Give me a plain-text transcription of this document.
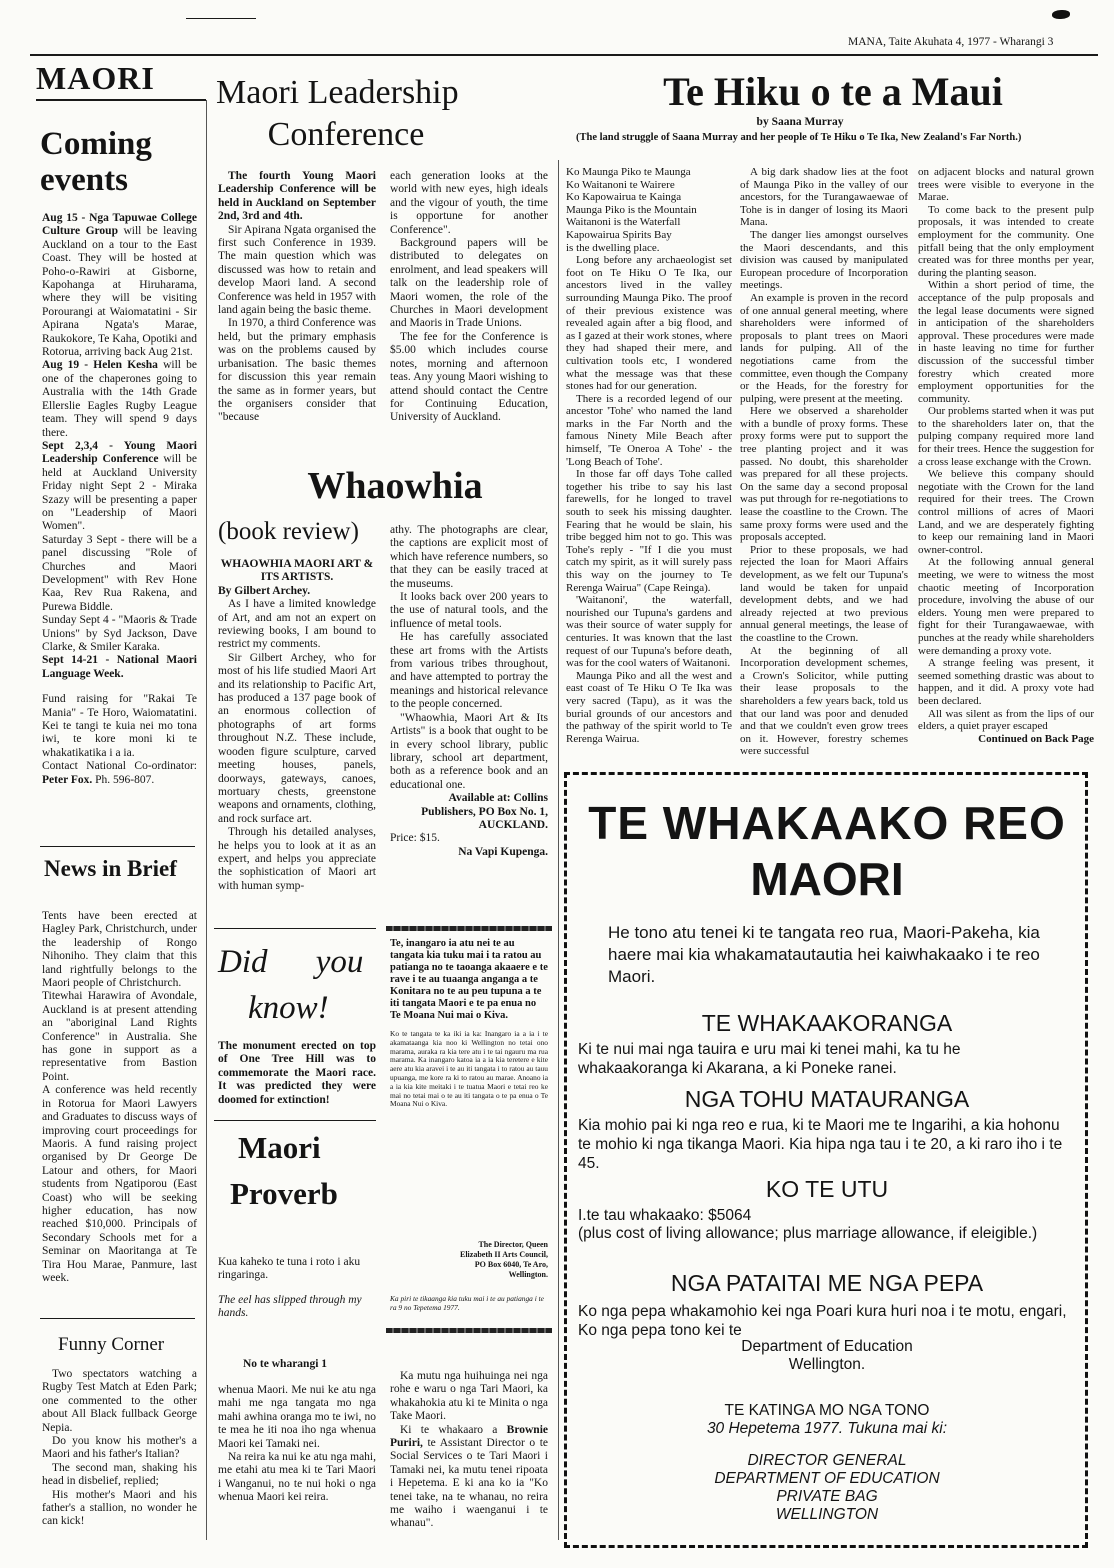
MANA, Taite Akuhata 4, 1977 - Wharangi 3
MAORI
Coming events

Aug 15 - Nga Tapuwae College Culture Group will be leaving Auckland on a tour to the East Coast. They will be hosted at Poho-o-Rawiri at Gisborne, Kapohanga at Hiruharama, where they will be visiting Porourangi at Waiomatatini - Sir Apirana Ngata's Marae, Raukokore, Te Kaha, Opotiki and Rotorua, arriving back Aug 21st.

Aug 19 - Helen Kesha will be one of the chaperones going to Australia with the 14th Grade Ellerslie Eagles Rugby League team. They will spend 9 days there.

Sept 2,3,4 - Young Maori Leadership Conference will be held at Auckland University Friday night Sept 2 - Miraka Szazy will be presenting a paper on "Leadership of Maori Women".

Saturday 3 Sept - there will be a panel discussing "Role of Churches and Maori Development" with Rev Hone Kaa, Rev Rua Rakena, and Purewa Biddle.

Sunday Sept 4 - "Maoris & Trade Unions" by Syd Jackson, Dave Clarke, & Smiler Karaka.

Sept 14-21 - National Maori Language Week.

Fund raising for "Rakai Te Mania" - Te Horo, Waiomatatini. Kei te tangi te kuia nei mo tona iwi, te kore moni ki te whakatikatika i a ia.

Contact National Co-ordinator: Peter Fox. Ph. 596-807.

News in Brief

Tents have been erected at Hagley Park, Christchurch, under the leadership of Rongo Nihoniho. They claim that this land rightfully belongs to the Maori people of Christchurch.

Titewhai Harawira of Avondale, Auckland is at present attending an "aboriginal Land Rights Conference" in Australia. She has gone in support as a representative from Bastion Point.

A conference was held recently in Rotorua for Maori Lawyers and Graduates to discuss ways of improving court proceedings for Maoris. A fund raising project organised by Dr George De Latour and others, for Maori students from Ngatiporou (East Coast) who will be seeking higher education, has now reached $10,000. Principals of Secondary Schools met for a Seminar on Maoritanga at Te Tira Hou Marae, Panmure, last week.

Funny Corner

Two spectators watching a Rugby Test Match at Eden Park; one commented to the other about All Black fullback George Nepia.

Do you know his mother's a Maori and his father's Italian?

The second man, shaking his head in disbelief, replied;

His mother's Maori and his father's a stallion, no wonder he can kick!

Maori Leadership
Conference

The fourth Young Maori Leadership Conference will be held in Auckland on September 2nd, 3rd and 4th.

Sir Apirana Ngata organised the first such Conference in 1939. The main question which was discussed was how to retain and develop Maori land. A second Conference was held in 1957 with land again being the basic theme.

In 1970, a third Conference was held, but the primary emphasis was on the problems caused by urbanisation. The basic themes for discussion this year remain the same as in former years, but the organisers consider that "because

each generation looks at the world with new eyes, high ideals and the vigour of youth, the time is opportune for another Conference".

Background papers will be distributed to delegates on enrolment, and lead speakers will talk on the leadership role of Maori women, the role of the Churches in Maori development and Maoris in Trade Unions.

The fee for the Conference is $5.00 which includes course notes, morning and afternoon teas. Any young Maori wishing to attend should contact the Centre for Continuing Education, University of Auckland.

Whaowhia
(book review)

WHAOWHIA MAORI ART & ITS ARTISTS.

By Gilbert Archey.

As I have a limited knowledge of Art, and am not an expert on reviewing books, I am bound to restrict my comments.

Sir Gilbert Archey, who for most of his life studied Maori Art and its relationship to Pacific Art, has produced a 137 page book of an enormous collection of photographs of art forms throughout N.Z. These include, wooden figure sculpture, carved meeting houses, panels, doorways, gateways, canoes, mortuary chests, greenstone weapons and ornaments, clothing, and rock surface art.

Through his detailed analyses, he helps you to look at it as an expert, and helps you appreciate the sophistication of Maori art with human symp-

athy. The photographs are clear, the captions are explicit most of which have reference numbers, so that they can be easily traced at the museums.

It looks back over 200 years to the use of natural tools, and the influence of metal tools.

He has carefully associated these art froms with the Artists from various tribes throughout, and have attempted to portray the meanings and historical relevance to the people concerned.

"Whaowhia, Maori Art & Its Artists" is a book that ought to be in every school library, public library, school art department, both as a reference book and an educational one.

Available at: Collins Publishers, PO Box No. 1, AUCKLAND.

Price: $15.

Na Vapi Kupenga.

Did you
know!
The monument erected on top of One Tree Hill was to commemorate the Maori race. It was predicted they were doomed for extinction!
Maori
Proverb
Kua kaheko te tuna i roto i aku ringaringa.
The eel has slipped through my hands.
Te, inangaro ia atu nei te au tangata kia tuku mai i ta ratou au patianga no te taoanga akaaere e te rave i te au tuaanga anganga a te Konitara no te au peu tupuna a te iti tangata Maori e te pa enua no Te Moana Nui mai o Kiva.
Ko te tangata te ka iki ia ka: Inangaro ia a ia i te akamataanga kia noo ki Wellington no tetai ono marama, auraka ra kia tere atu i te tai ngauru ma rua marama. Ka inangaro katoa ia a ia kia teretere e kite aere atu kia aravei i te au iti tangata i to ratou au tauu upuanga, me kore ra ki to ratou au marae. Anoano ia a ia kia kite meitaki i te tuatua Maori e tetai reo ke mai no tetai mai o te au iti tangata o te pa enua o Te Moana Nui o Kiva.
The Director, Queen Elizabeth II Arts Council, PO Box 6040, Te Aro, Wellington.
Ka piri te tikaanga kia tuku mai i te au patianga i te ra 9 no Tepetema 1977.
No te wharangi 1

whenua Maori. Me nui ke atu nga mahi me nga tangata mo nga mahi awhina oranga mo te iwi, no te mea he iti noa iho nga whenua Maori kei Tamaki nei.

Na reira ka nui ke atu nga mahi, me etahi atu mea ki te Tari Maori i Wanganui, no te nui hoki o nga whenua Maori kei reira.

Ka mutu nga huihuinga nei nga rohe e waru o nga Tari Maori, ka whakahokia atu ki te Minita o nga Take Maori.

Ki te whakaaro a Brownie Puriri, te Assistant Director o te Social Services o te Tari Maori i Tamaki nei, ka mutu tenei ripoata i Hepetema. E ki ana ko ia "Ko tenei take, na te whanau, no reira me waiho i waenganui i te whanau".

Te Hiku o te a Maui
by Saana Murray
(The land struggle of Saana Murray and her people of Te Hiku o Te Ika, New Zealand's Far North.)

Ko Maunga Piko te Maunga

Ko Waitanoni te Wairere

Ko Kapowairua te Kainga

Maunga Piko is the Mountain

Waitanoni is the Waterfall

Kapowairua Spirits Bay

is the dwelling place.

Long before any archaeologist set foot on Te Hiku O Te Ika, our ancestors lived in the valley surrounding Maunga Piko. The proof of their previous existence was revealed again after a big flood, and as I gazed at their work stones, where they had shaped their mere, and cultivation tools etc, I wondered what the message was that these stones had for our generation.

There is a recorded legend of our ancestor 'Tohe' who named the land marks in the Far North and the famous Ninety Mile Beach after himself, 'Te Oneroa A Tohe' - the 'Long Beach of Tohe'.

In those far off days Tohe called together his tribe to say his last farewells, for he longed to travel south to seek his missing daughter. Fearing that he would be slain, his tribe begged him not to go. This was Tohe's reply - "If I die you must catch my spirit, as it will surely pass this way on the journey to Te Rerenga Wairua" (Cape Reinga).

'Waitanoni', the waterfall, nourished our Tupuna's gardens and was their source of water supply for centuries. It was known that the last request of our Tupuna's before death, was for the cool waters of Waitanoni.

Maunga Piko and all the west and east coast of Te Hiku O Te Ika was very sacred (Tapu), as it was the burial grounds of our ancestors and the pathway of the spirit world to Te Rerenga Wairua.

A big dark shadow lies at the foot of Maunga Piko in the valley of our ancestors, for the Turangawaewae of Tohe is in danger of losing its Maori Mana.

The danger lies amongst ourselves the Maori descendants, and this division was caused by manipulated European procedure of Incorporation meetings.

An example is proven in the record of one annual general meeting, where shareholders were informed of proposals to plant trees on Maori lands for pulping. All of the negotiations came from the committee, even though the Company or the Heads, for the forestry for pulping, were present at the meeting.

Here we observed a shareholder with a bundle of proxy forms. These proxy forms were put to support the tree planting project and it was passed. No doubt, this shareholder was prepared for all these projects. On the same day a second proposal was put through for re-negotiations to lease the coastline to the Crown. The same proxy forms were used and the proposals accepted.

Prior to these proposals, we had rejected the loan for Maori Affairs development, as we felt our Tupuna's land would be taken for unpaid development debts, and we had already rejected at two previous annual general meetings, the lease of the coastline to the Crown.

At the beginning of all Incorporation development schemes, a Crown's Solicitor, while putting their lease proposals to the shareholders a few years back, told us that our land was poor and denuded and that we couldn't even grow trees on it. However, forestry schemes were successful

on adjacent blocks and natural grown trees were visible to everyone in the Marae.

To come back to the present pulp proposals, it was intended to create employment for the community. One pitfall being that the only employment created was for three months per year, during the planting season.

Within a short period of time, the acceptance of the pulp proposals and the legal lease documents were signed in anticipation of the shareholders approval. These procedures were made in haste leaving no time for further discussion of the successful timber forestry which created more employment opportunities for the community.

Our problems started when it was put to the shareholders later on, that the pulping company required more land for their trees. Hence the suggestion for a cross lease exchange with the Crown.

We believe this company should negotiate with the Crown for the land required for their trees. The Crown control millions of acres of Maori Land, and we are desperately fighting to keep our remaining land in Maori owner-control.

At the following annual general meeting, we were to witness the most chaotic meeting of Incorporation procedure, involving the abuse of our elders. Young men were prepared to fight for their Turangawaewae, with punches at the ready while shareholders were demanding a proxy vote.

A strange feeling was present, it seemed something drastic was about to happen, and it did. A proxy vote had been declared.

All was silent as from the lips of our elders, a quiet prayer escaped

Continued on Back Page

TE WHAKAAKO REO
MAORI
He tono atu tenei ki te tangata reo rua, Maori-Pakeha, kia haere mai kia whakamatautautia hei kaiwhakaako i te reo Maori.
TE WHAKAAKORANGA
Ki te nui mai nga tauira e uru mai ki tenei mahi, ka tu he whakaakoranga ki Akarana, a ki Poneke ranei.
NGA TOHU MATAURANGA
Kia mohio pai ki nga reo e rua, ki te Maori me te Ingarihi, a kia hohonu te mohio ki nga tikanga Maori. Kia hipa nga tau i te 20, a ki raro iho i te 45.
KO TE UTU
I.te tau whakaako: $5064
(plus cost of living allowance; plus marriage allowance, if eleigible.)
NGA PATAITAI ME NGA PEPA
Ko nga pepa whakamohio kei nga Poari kura huri noa i te motu, engari, Ko nga pepa tono kei te
Department of Education
Wellington.
TE KATINGA MO NGA TONO
30 Hepetema 1977. Tukuna mai ki:
DIRECTOR GENERAL
DEPARTMENT OF EDUCATION
PRIVATE BAG
WELLINGTON
